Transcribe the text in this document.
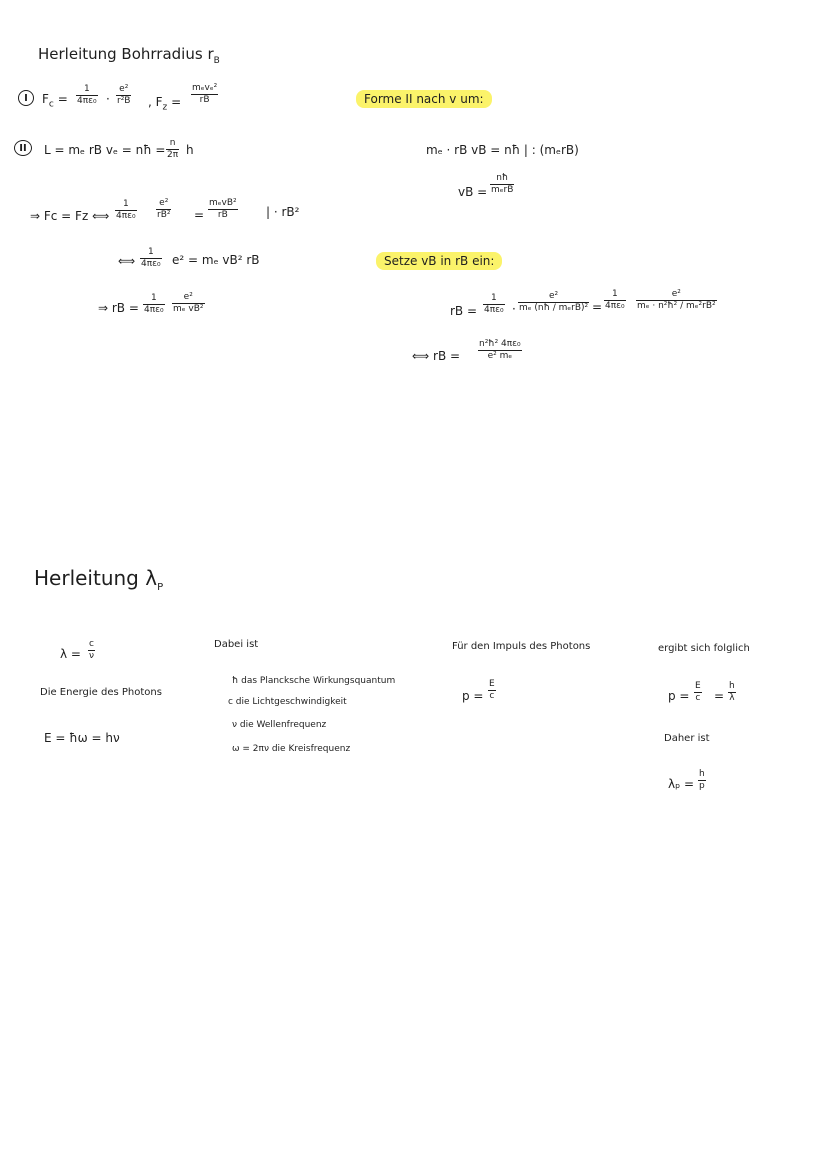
Herleitung Bohrradius $r_B$
I	$F_c$ =
1
4πε₀ ·
e²
r²B , $F_z$ =
mₑvₑ²
rB
II	L = mₑ rB vₑ = nħ = n
2π h
⇒ Fc = Fz ⟺
1
4πε₀
e²
rB² =
mₑvB²
rB	| · rB²
⟺
1
4πε₀ e² = mₑ vB² rB
⇒ rB =
1
4πε₀
e²
mₑ vB²
Forme II nach v um:
mₑ · rB vB = nħ | : (mₑrB)
vB =
nħ
mₑrB
Setze vB in rB ein:
rB =
1
4πε₀ ·
e²
mₑ (nħ / mₑrB)² =
1
4πε₀
e²
mₑ · n²ħ² / mₑ²rB²
⟺ rB =
n²ħ² 4πε₀
e² mₑ
Herleitung $\lambda_P$
λ =
c
ν
Die Energie des Photons
E = ħω = hν
Dabei ist
ħ das Plancksche Wirkungsquantum
c die Lichtgeschwindigkeit
ν die Wellenfrequenz
ω = 2πν die Kreisfrequenz
Für den Impuls des Photons
p =
E
c
ergibt sich folglich
p =
E
c =
h
λ
Daher ist
λₚ =
h
p
